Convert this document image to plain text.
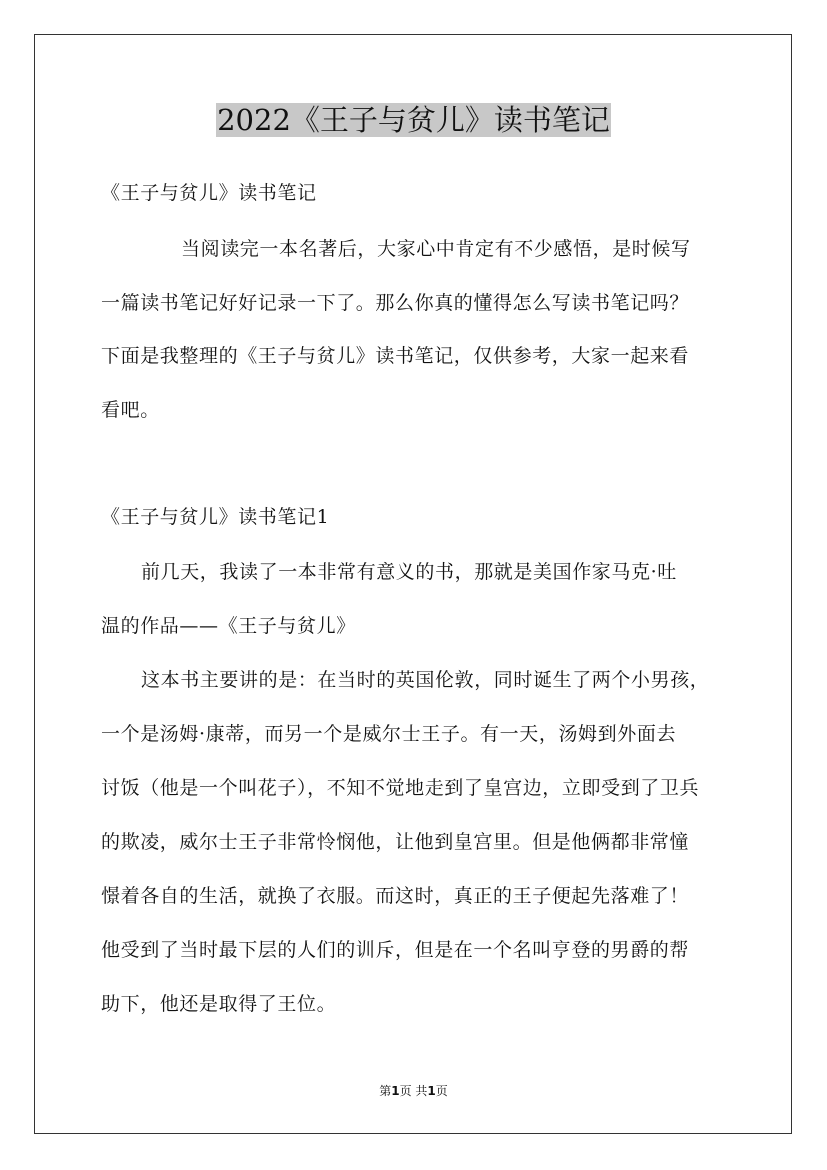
2022《王子与贫儿》读书笔记

《王子与贫儿》读书笔记

当阅读完一本名著后，大家心中肯定有不少感悟，是时候写

一篇读书笔记好好记录一下了。那么你真的懂得怎么写读书笔记吗？

下面是我整理的《王子与贫儿》读书笔记，仅供参考，大家一起来看

看吧。

《王子与贫儿》读书笔记1

前几天，我读了一本非常有意义的书，那就是美国作家马克·吐

温的作品——《王子与贫儿》

这本书主要讲的是：在当时的英国伦敦，同时诞生了两个小男孩，

一个是汤姆·康蒂，而另一个是威尔士王子。有一天，汤姆到外面去

讨饭（他是一个叫花子），不知不觉地走到了皇宫边，立即受到了卫兵

的欺凌，威尔士王子非常怜悯他，让他到皇宫里。但是他俩都非常憧

憬着各自的生活，就换了衣服。而这时，真正的王子便起先落难了！

他受到了当时最下层的人们的训斥，但是在一个名叫亨登的男爵的帮

助下，他还是取得了王位。

第1页 共1页
